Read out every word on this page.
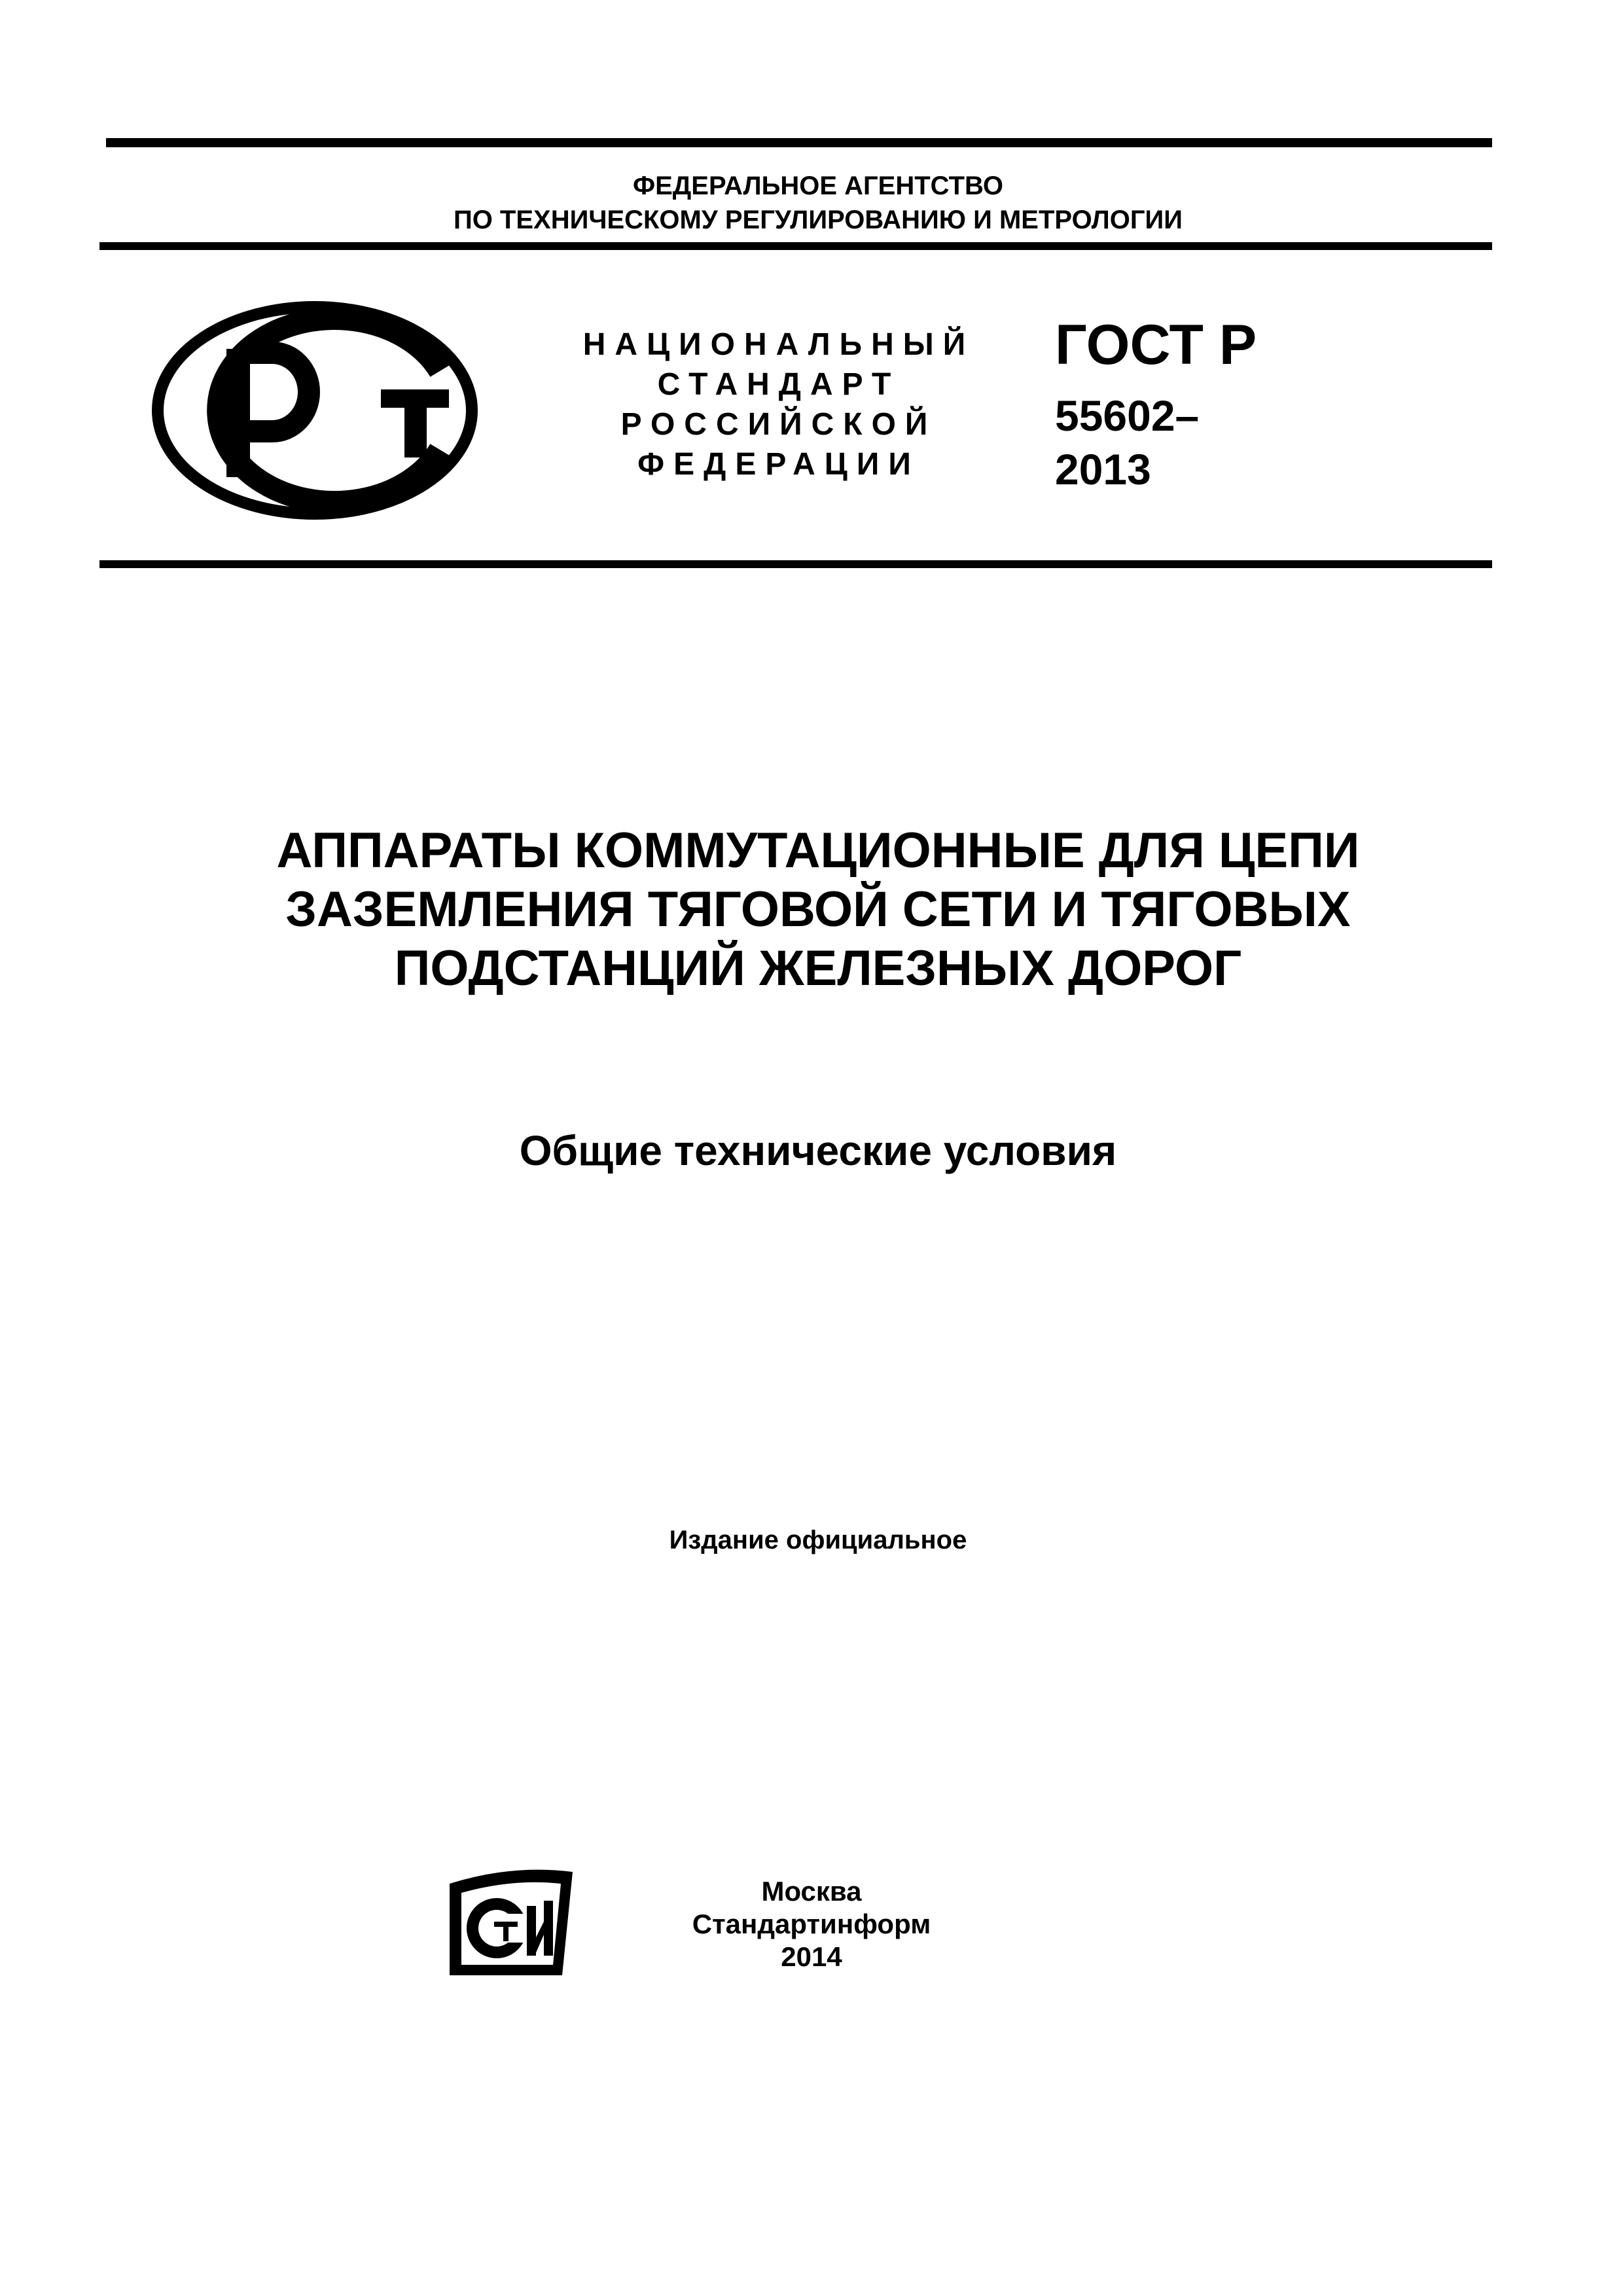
ФЕДЕРАЛЬНОЕ АГЕНТСТВО
ПО ТЕХНИЧЕСКОМУ РЕГУЛИРОВАНИЮ И МЕТРОЛОГИИ
НАЦИОНАЛЬНЫЙ
СТАНДАРТ
РОССИЙСКОЙ
ФЕДЕРАЦИИ
ГОСТ Р
55602–
2013
АППАРАТЫ КОММУТАЦИОННЫЕ ДЛЯ ЦЕПИ
ЗАЗЕМЛЕНИЯ ТЯГОВОЙ СЕТИ И ТЯГОВЫХ
ПОДСТАНЦИЙ ЖЕЛЕЗНЫХ ДОРОГ
Общие технические условия
Издание официальное
Москва
Стандартинформ
2014
